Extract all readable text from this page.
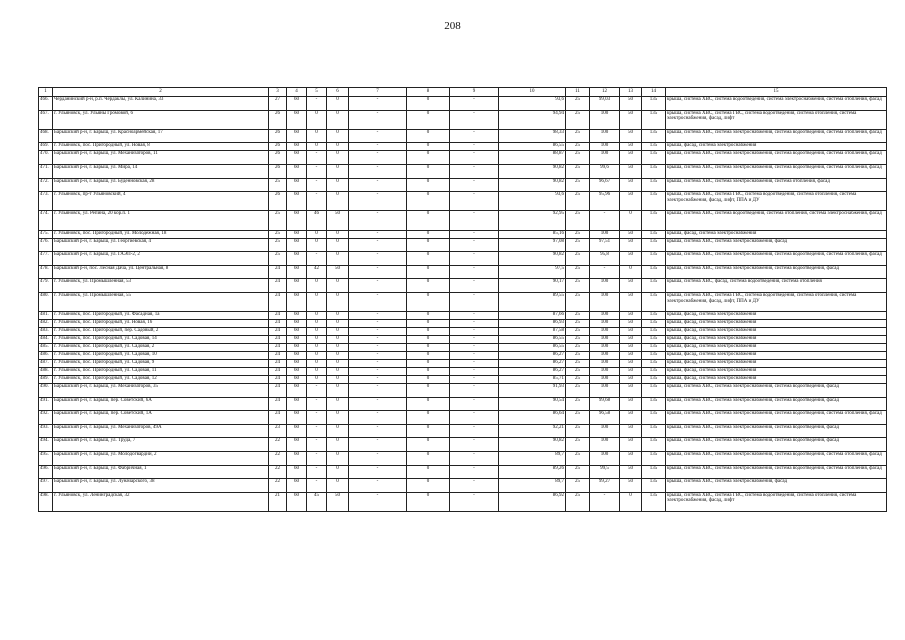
208
1	2	3	4	5	6	7	8	9	10	11	12	13	14	15
466.	Черданинский р-н, р.п. Чердаклы, ул. Калинина, 33	27	60	-	0	-	0	-	93,6	25	99,03	50	135	крыша, система ХВС, система водоотведения, система электроснабжения, система отопления, фасад
467.	г. Ульяновск, ул. Ульяны Громовой, 6	26	60	0	0	-	0	-	94,94	25	100	50	135	крыша, система ХВС, система ГВС, система водоотведения, система отопления, система электроснабжения, фасад, лифт
468.	Барышский р-н, г. Барыш, ул. Красноармейская, 17	26	60	0	0	-	0	-	98,33	25	100	50	135	крыша, система ХВС, система электроснабжения, система водоотведения, система отопления, фасад
469.	г. Ульяновск, пос. Пригородный, ул. Новая, 8	26	60	0	0	-	0	-	86,55	25	100	50	135	крыша, фасад, система электроснабжения
470.	Барышский р-н, г. Барыш, ул. Механизаторов, 11	26	60	-	0	-	0	-	88,87	25	100	50	135	крыша, система ХВС, система электроснабжения, система водоотведения, система отопления, фасад
471.	Барышский р-н, г. Барыш, ул. Мира, 14	26	60	-	0	-	0	-	90,82	25	99,6	50	135	крыша, система ХВС, система электроснабжения, система водоотведения, система отопления, фасад
472.	Барышский р-н, г. Барыш, ул. Буденновская, 28	25	60	-	0	-	0	-	90,82	25	96,67	50	135	крыша, система ХВС, система электроснабжения, система отопления, фасад
473.	г. Ульяновск, пр-т Ульяновский, 4	26	60	-	0	-	0	-	93,6	25	95,96	50	135	крыша, система ХВС, система ГВС, система водоотведения, система отопления, система электроснабжения, фасад, лифт, ППА и ДУ
474.	г. Ульяновск, ул. Репина, 20 кор.п. 1	25	60	46	50	-	0	-	92,95	25	-	0	135	крыша, система ХВС, система водоотведения, система отопления, система электроснабжения, фасад
475.	г. Ульяновск, пос. Пригородный, ул. Молодёжная, 18	25	60	0	0	-	0	-	85,16	25	100	50	135	крыша, фасад, система электроснабжения
476.	Барышский р-н, г. Барыш, ул. Георгиевская, 4	25	60	0	0	-	0	-	97,08	25	97,51	50	135	крыша, система ХВС, система электроснабжения, фасад
477.	Барышский р-н, г. Барыш, ул. ГАЭП-2, 2	25	60	-	0	-	0	-	90,82	25	95,8	50	135	крыша, система ХВС, система электроснабжения, система водоотведения, система отопления, фасад
478.	Барышский р-н, пос. Лесная Дача, ул. Центральная, 8	24	60	42	50	-	0	-	97,5	25	-	0	135	крыша, система ХВС, система электроснабжения, система водоотведения, фасад
479.	г. Ульяновск, ул. Промышленная, 53	24	60	0	0	-	0	-	90,17	25	100	50	135	крыша, система ХВС, фасад, система водоотведения, система отопления
480.	г. Ульяновск, ул. Промышленная, 55	24	60	0	0	-	0	-	89,55	25	100	50	135	крыша, система ХВС, система ГВС, система водоотведения, система отопления, система электроснабжения, фасад, лифт, ППА и ДУ
481.	г. Ульяновск, пос. Пригородный, ул. Фасадная, 1а	24	60	0	0	-	0	-	87,66	25	100	50	135	крыша, фасад, система электроснабжения
482.	г. Ульяновск, пос. Пригородный, ул. Новая, 16	24	60	0	0	-	0	-	86,93	25	100	50	135	крыша, фасад, система электроснабжения
483.	г. Ульяновск, пос. Пригородный, пер. Садовый, 2	24	60	0	0	-	0	-	87,58	25	100	50	135	крыша, фасад, система электроснабжения
484.	г. Ульяновск, пос. Пригородный, ул. Садовая, 14	24	60	0	0	-	0	-	86,55	25	100	50	135	крыша, фасад, система электроснабжения
485.	г. Ульяновск, пос. Пригородный, ул. Садовая, 2	24	60	0	0	-	0	-	86,55	25	100	50	135	крыша, фасад, система электроснабжения
486.	г. Ульяновск, пос. Пригородный, ул. Садовая, 10	24	60	0	0	-	0	-	86,27	25	100	50	135	крыша, фасад, система электроснабжения
487.	г. Ульяновск, пос. Пригородный, ул. Садовая, 9	24	60	0	0	-	0	-	86,27	25	100	50	135	крыша, фасад, система электроснабжения
488.	г. Ульяновск, пос. Пригородный, ул. Садовая, 11	24	60	0	0	-	0	-	86,27	25	100	50	135	крыша, фасад, система электроснабжения
489.	г. Ульяновск, пос. Пригородный, ул. Садовая, 12	24	60	0	0	-	0	-	85,71	25	100	50	135	крыша, фасад, система электроснабжения
490.	Барышский р-н, г. Барыш, ул. Механизаторов, 35	24	60	-	0	-	0	-	91,93	25	100	50	135	крыша, система ХВС, система электроснабжения, система водоотведения, фасад
491.	Барышский р-н, г. Барыш, пер. Советский, 6А	24	60	-	0	-	0	-	90,54	25	99,68	50	135	крыша, система ХВС, система электроснабжения, система водоотведения, фасад
492.	Барышский р-н, г. Барыш, пер. Советский, 1А	24	60	-	0	-	0	-	86,64	25	96,58	50	135	крыша, система ХВС, система электроснабжения, система водоотведения, система отопления, фасад
493.	Барышский р-н, г. Барыш, ул. Механизаторов, 49А	23	60	-	0	-	0	-	92,21	25	100	50	135	крыша, система ХВС, система электроснабжения, система водоотведения, фасад
494.	Барышский р-н, г. Барыш, ул. Труда, 7	22	60	-	0	-	0	-	90,82	25	100	50	135	крыша, система ХВС, система электроснабжения, система водоотведения, фасад
495.	Барышский р-н, г. Барыш, ул. Молодогвардии, 2	22	60	-	0	-	0	-	89,7	25	100	50	135	крыша, система ХВС, система электроснабжения, система водоотведения, система отопления, фасад
496.	Барышский р-н, г. Барыш, ул. Фабричная, 1	22	60	-	0	-	0	-	89,26	25	99,5	50	135	крыша, система ХВС, система электроснабжения, система водоотведения, система отопления, фасад
497.	Барышский р-н, г. Барыш, ул. Луначарского, 38	22	60	-	0	-	0	-	89,7	25	99,27	50	135	крыша, система ХВС, система электроснабжения, фасад
498.	г. Ульяновск, ул. Ленинградская, 32	21	60	45	50	-	0	-	86,92	25	-	0	135	крыша, система ХВС, система ГВС, система водоотведения, система отопления, система электроснабжения, фасад, лифт
